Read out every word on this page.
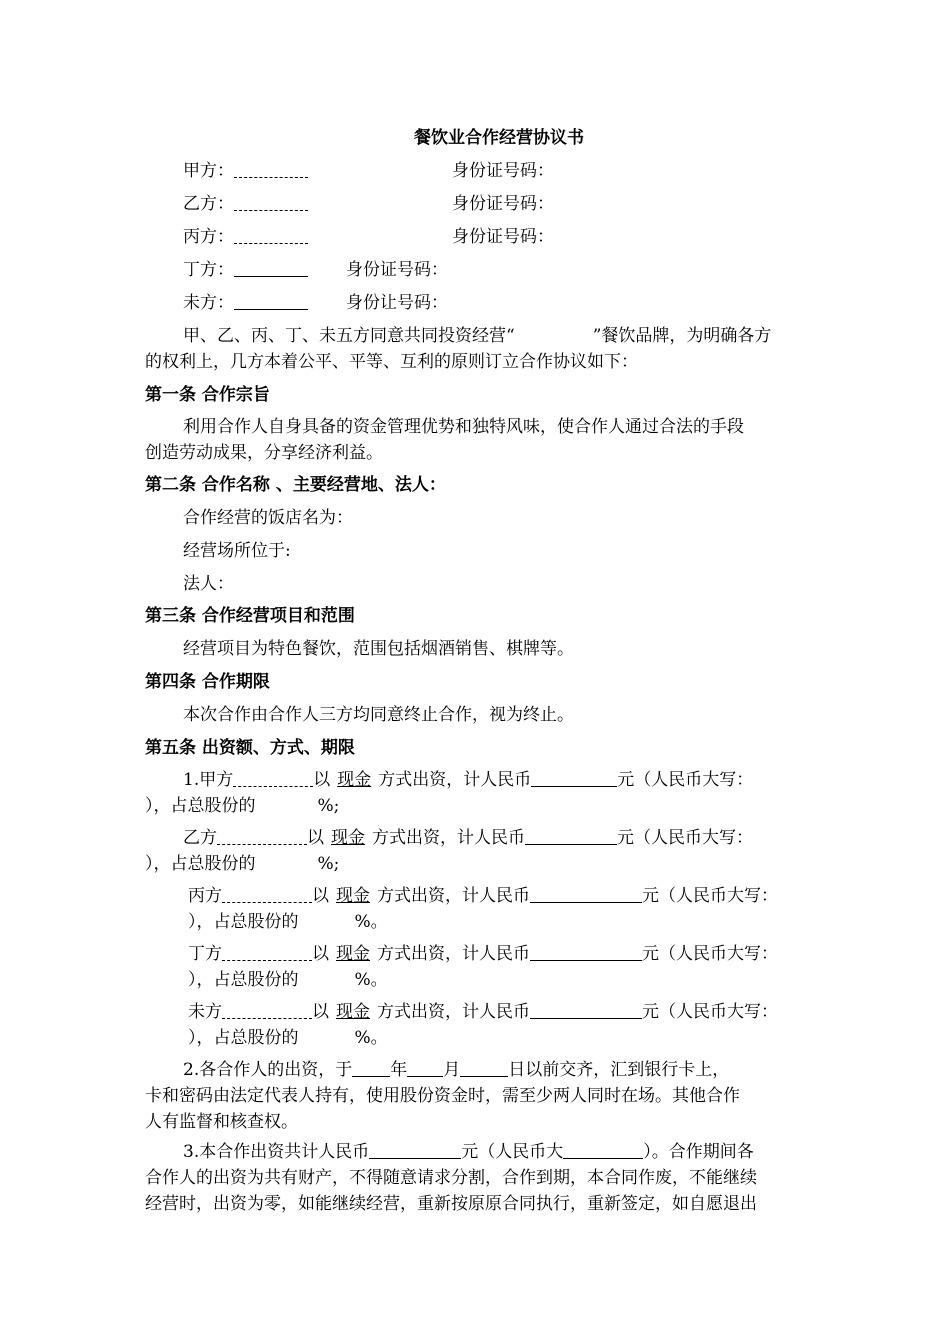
餐饮业合作经营协议书
甲方：	身份证号码：
乙方：	身份证号码：
丙方：	身份证号码：
丁方：	身份证号码：
未方：	身份让号码：
甲、乙、丙、丁、未五方同意共同投资经营“	”餐饮品牌，为明确各方
的权利上，几方本着公平、平等、互利的原则订立合作协议如下：
第一条 合作宗旨
利用合作人自身具备的资金管理优势和独特风味，使合作人通过合法的手段
创造劳动成果，分享经济利益。
第二条 合作名称 、主要经营地、法人：
合作经营的饭店名为：
经营场所位于:
法人：
第三条 合作经营项目和范围
经营项目为特色餐饮，范围包括烟酒销售、棋牌等。
第四条 合作期限
本次合作由合作人三方均同意终止合作，视为终止。
第五条 出资额、方式、期限
1.甲方	以 现金 方式出资，计人民币	元（人民币大写：
），占总股份的	%;
乙方	以 现金 方式出资，计人民币	元（人民币大写：
），占总股份的	%;
丙方	以 现金 方式出资，计人民币	元（人民币大写：
），占总股份的	%。
丁方	以 现金 方式出资，计人民币	元（人民币大写：
），占总股份的	%。
未方	以 现金 方式出资，计人民币	元（人民币大写：
），占总股份的	%。
2.各合作人的出资，于 年 月	日以前交齐，汇到银行卡上，
卡和密码由法定代表人持有，使用股份资金时，需至少两人同时在场。其他合作
人有监督和核查权。
3.本合作出资共计人民币	元（人民币大	）。合作期间各
合作人的出资为共有财产，不得随意请求分割，合作到期，本合同作废，不能继续
经营时，出资为零，如能继续经营，重新按原原合同执行，重新签定，如自愿退出
